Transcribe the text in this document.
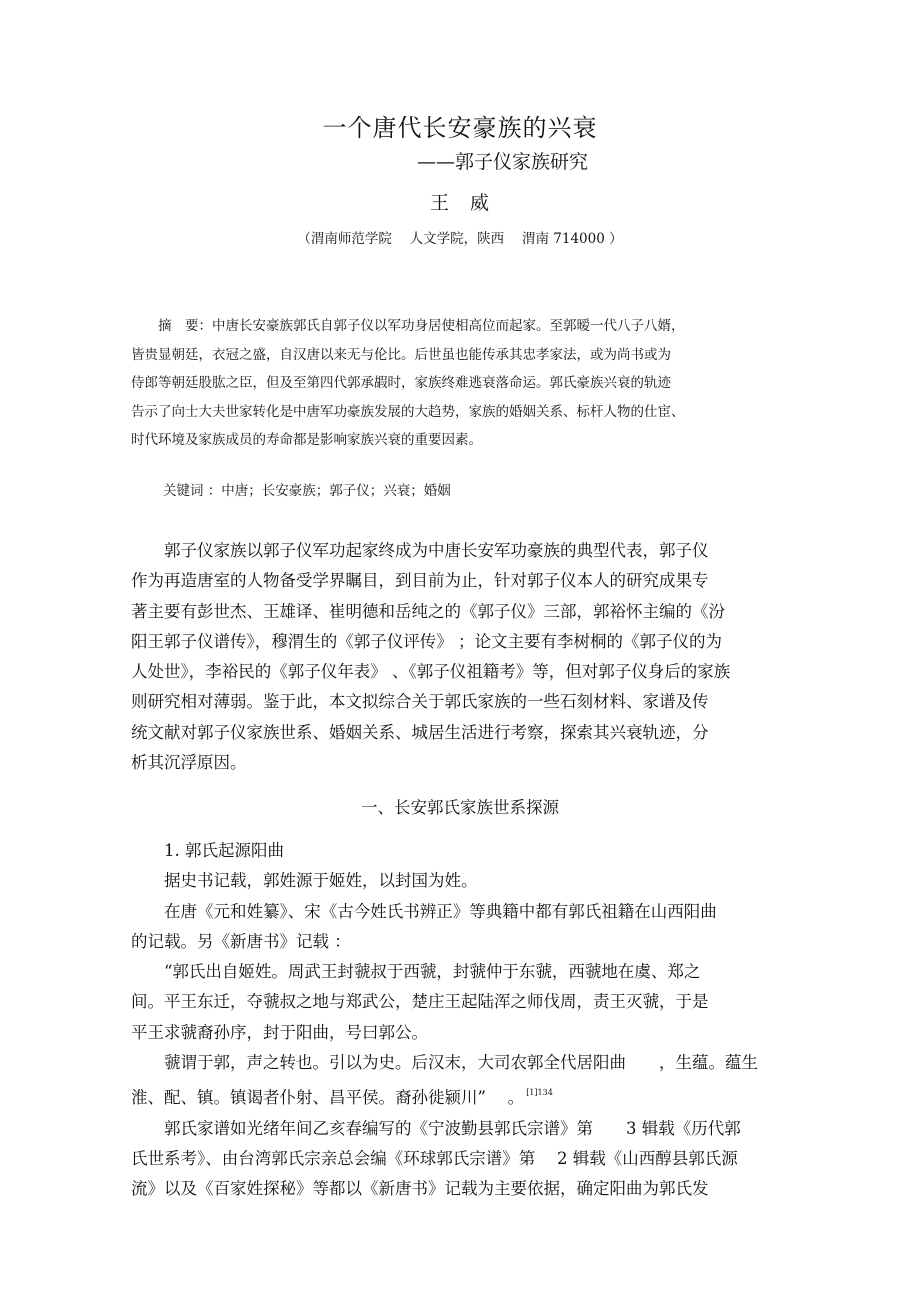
一个唐代长安豪族的兴衰
——郭子仪家族研究
王　威
（渭南师范学院　 人文学院，陕西　 渭南 714000 ）
　　摘　要：中唐长安豪族郭氏自郭子仪以军功身居使相高位而起家。至郭暧一代八子八婿，
皆贵显朝廷，衣冠之盛，自汉唐以来无与伦比。后世虽也能传承其忠孝家法，或为尚书或为
侍郎等朝廷股肱之臣，但及至第四代郭承嘏时，家族终难逃衰落命运。郭氏豪族兴衰的轨迹
告示了向士大夫世家转化是中唐军功豪族发展的大趋势，家族的婚姻关系、标杆人物的仕宦、
时代环境及家族成员的寿命都是影响家族兴衰的重要因素。
关键词 ：中唐；长安豪族；郭子仪；兴衰；婚姻
　　郭子仪家族以郭子仪军功起家终成为中唐长安军功豪族的典型代表，郭子仪
作为再造唐室的人物备受学界瞩目，到目前为止，针对郭子仪本人的研究成果专
著主要有彭世杰、王雄译、崔明德和岳纯之的《郭子仪》三部，郭裕怀主编的《汾
阳王郭子仪谱传》，穆渭生的《郭子仪评传》 ；论文主要有李树桐的《郭子仪的为
人处世》，李裕民的《郭子仪年表》 、《郭子仪祖籍考》等，但对郭子仪身后的家族
则研究相对薄弱。鉴于此，本文拟综合关于郭氏家族的一些石刻材料、家谱及传
统文献对郭子仪家族世系、婚姻关系、城居生活进行考察，探索其兴衰轨迹，分
析其沉浮原因。
一、长安郭氏家族世系探源
　　1. 郭氏起源阳曲
　　据史书记载，郭姓源于姬姓，以封国为姓。
　　在唐《元和姓纂》、宋《古今姓氏书辨正》等典籍中都有郭氏祖籍在山西阳曲
的记载。另《新唐书》记载 ：
　　“郭氏出自姬姓。周武王封虢叔于西虢，封虢仲于东虢，西虢地在虞、郑之
间。平王东迁，夺虢叔之地与郑武公，楚庄王起陆浑之师伐周，责王灭虢，于是
平王求虢裔孙序，封于阳曲，号曰郭公。
　　虢谓于郭，声之转也。引以为史。后汉末，大司农郭全代居阳曲　　，生蕴。蕴生
淮、配、镇。镇谒者仆射、昌平侯。裔孙徙颍川”　 。 $^{[1]134}$
　　郭氏家谱如光绪年间乙亥春编写的《宁波勤县郭氏宗谱》第　　3 辑载《历代郭
氏世系考》、由台湾郭氏宗亲总会编《环球郭氏宗谱》第　 2 辑载《山西醇县郭氏源
流》以及《百家姓探秘》等都以《新唐书》记载为主要依据，确定阳曲为郭氏发
